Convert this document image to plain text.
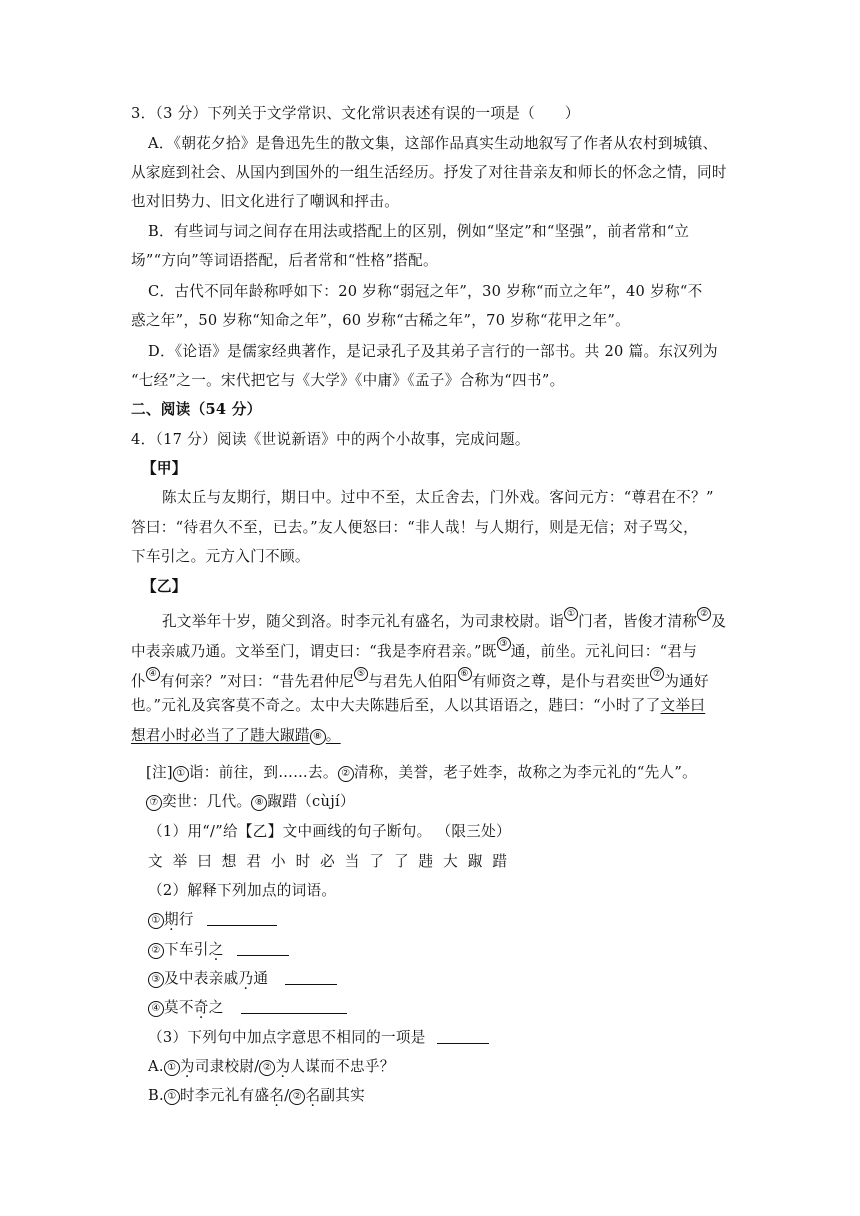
3．（3 分）下列关于文学常识、文化常识表述有误的一项是（　　）
A．《朝花夕拾》是鲁迅先生的散文集，这部作品真实生动地叙写了作者从农村到城镇、
从家庭到社会、从国内到国外的一组生活经历。抒发了对往昔亲友和师长的怀念之情，同时
也对旧势力、旧文化进行了嘲讽和抨击。
B．有些词与词之间存在用法或搭配上的区别，例如“坚定”和“坚强”，前者常和“立
场”“方向”等词语搭配，后者常和“性格”搭配。
C．古代不同年龄称呼如下：20 岁称“弱冠之年”，30 岁称“而立之年”，40 岁称“不
惑之年”，50 岁称“知命之年”，60 岁称“古稀之年”，70 岁称“花甲之年”。
D．《论语》是儒家经典著作，是记录孔子及其弟子言行的一部书。共 20 篇。东汉列为
“七经”之一。宋代把它与《大学》《中庸》《孟子》合称为“四书”。
二、阅读（54 分）
4．（17 分）阅读《世说新语》中的两个小故事，完成问题。
【甲】
陈太丘与友期行，期日中。过中不至，太丘舍去，门外戏。客问元方：“尊君在不？”
答曰：“待君久不至，已去。”友人便怒曰：“非人哉！与人期行，则是无信；对子骂父，
下车引之。元方入门不顾。
【乙】
孔文举年十岁，随父到洛。时李元礼有盛名，为司隶校尉。诣 ① 门者，皆俊才清称 ② 及
中表亲戚乃通。文举至门，谓吏曰：“我是李府君亲。”既 ③ 通，前坐。元礼问曰：“君与
仆 ④ 有何亲？”对曰：“昔先君仲尼 ⑤ 与君先人伯阳 ⑥ 有师资之尊，是仆与君奕世 ⑦ 为通好
也。”元礼及宾客莫不奇之。太中大夫陈韪后至，人以其语语之，韪曰：“小时了了文举曰
想君小时必当了了韪大踧踖 ⑧ 。
[注] ① 诣：前往，到……去。 ② 清称，美誉，老子姓李，故称之为李元礼的“先人”。
⑦ 奕世：几代。 ⑧ 踧踖（cùjí）
（1）用“/”给【乙】文中画线的句子断句。 （限三处）
文举曰想君小时必当了了韪大踧踖
（2）解释下列加点的词语。
① 期行
② 下车引之
③ 及中表亲戚乃通
④ 莫不奇之
（3）下列句中加点字意思不相同的一项是
A. ① 为司隶校尉/ ② 为人谋而不忠乎？
B. ① 时李元礼有盛名/ ② 名副其实
